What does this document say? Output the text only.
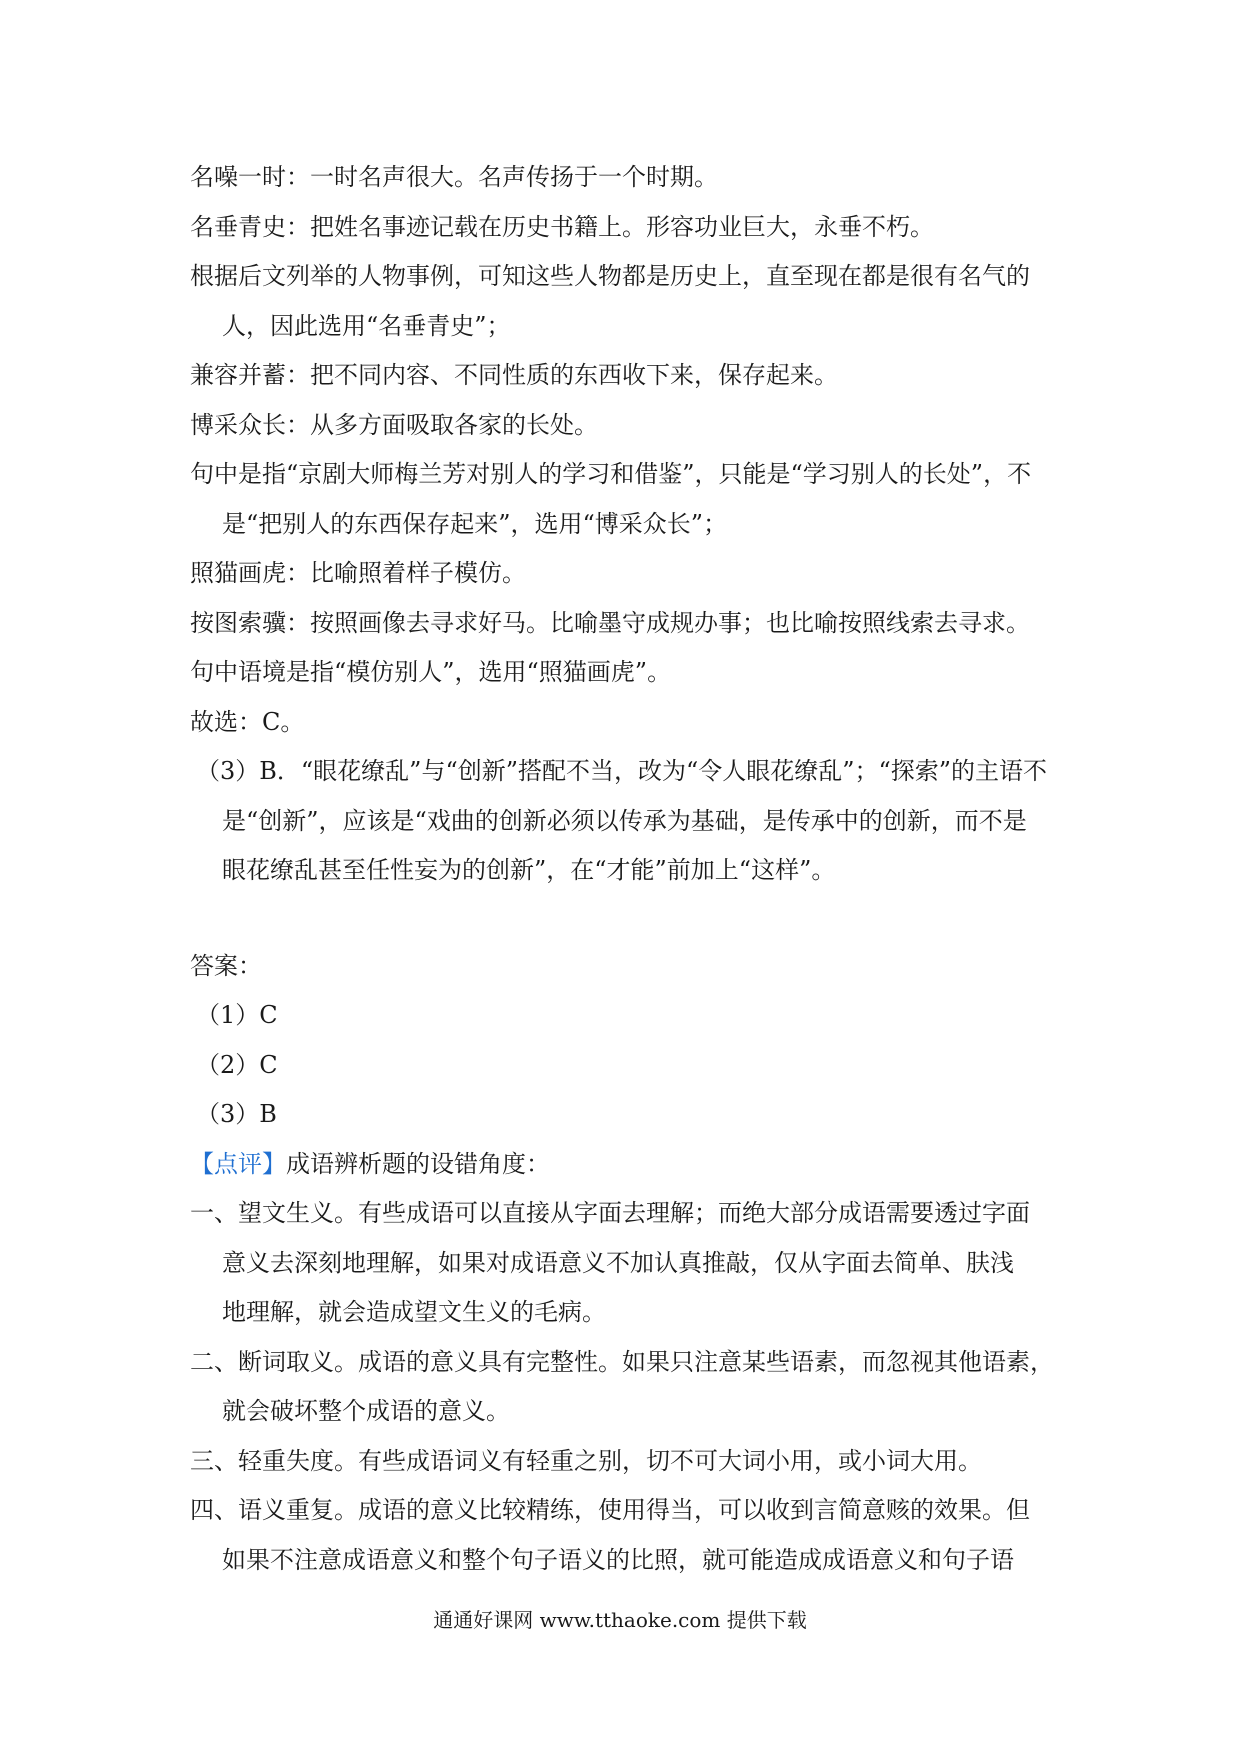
名噪一时：一时名声很大。名声传扬于一个时期。
名垂青史：把姓名事迹记载在历史书籍上。形容功业巨大，永垂不朽。
根据后文列举的人物事例，可知这些人物都是历史上，直至现在都是很有名气的
人，因此选用“名垂青史”；
兼容并蓄：把不同内容、不同性质的东西收下来，保存起来。
博采众长：从多方面吸取各家的长处。
句中是指“京剧大师梅兰芳对别人的学习和借鉴”，只能是“学习别人的长处”，不
是“把别人的东西保存起来”，选用“博采众长”；
照猫画虎：比喻照着样子模仿。
按图索骥：按照画像去寻求好马。比喻墨守成规办事；也比喻按照线索去寻求。
句中语境是指“模仿别人”，选用“照猫画虎”。
故选：C。
（3）B．“眼花缭乱”与“创新”搭配不当，改为“令人眼花缭乱”；“探索”的主语不
是“创新”，应该是“戏曲的创新必须以传承为基础，是传承中的创新，而不是
眼花缭乱甚至任性妄为的创新”，在“才能”前加上“这样”。
答案：
（1）C
（2）C
（3）B
【点评】成语辨析题的设错角度：
一、望文生义。有些成语可以直接从字面去理解；而绝大部分成语需要透过字面
意义去深刻地理解，如果对成语意义不加认真推敲，仅从字面去简单、肤浅
地理解，就会造成望文生义的毛病。
二、断词取义。成语的意义具有完整性。如果只注意某些语素，而忽视其他语素，
就会破坏整个成语的意义。
三、轻重失度。有些成语词义有轻重之别，切不可大词小用，或小词大用。
四、语义重复。成语的意义比较精练，使用得当，可以收到言简意赅的效果。但
如果不注意成语意义和整个句子语义的比照，就可能造成成语意义和句子语
通通好课网 www.tthaoke.com 提供下载
